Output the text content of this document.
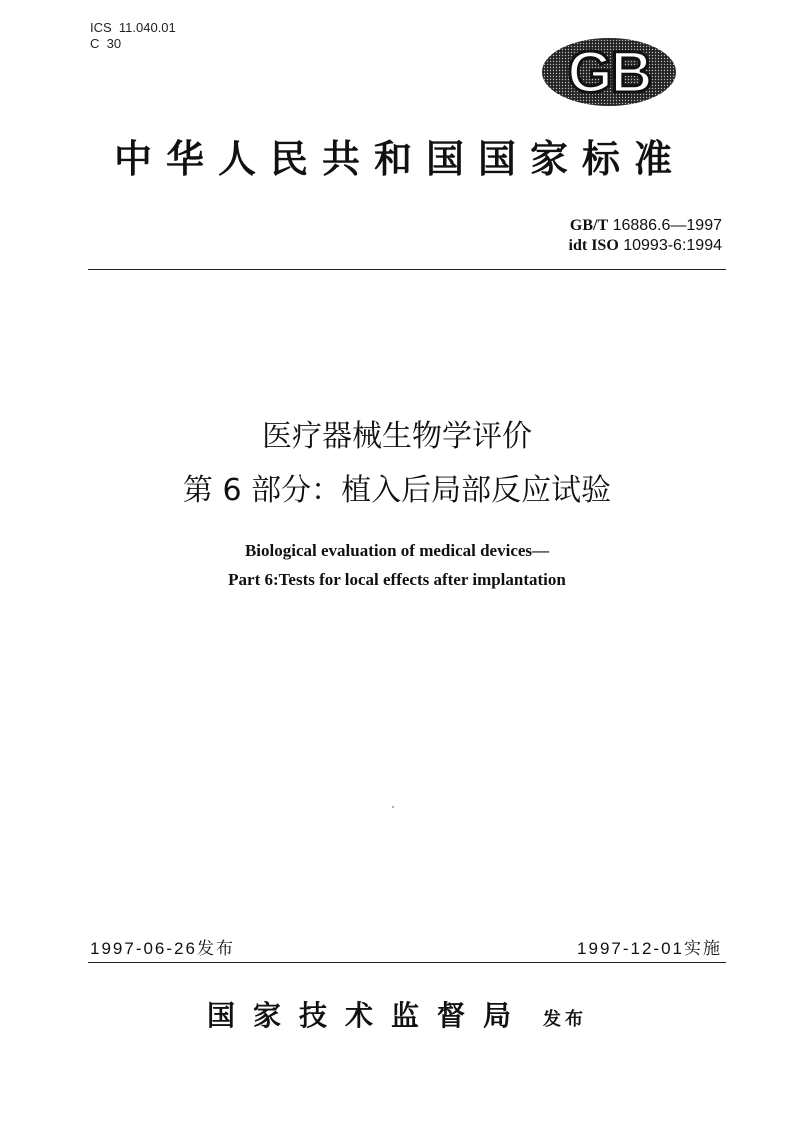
ICS  11.040.01
C  30	GB
中华人民共和国国家标准
GB/T 16886.6—1997
idt ISO 10993-6:1994
医疗器械生物学评价
第 6 部分：植入后局部反应试验
Biological evaluation of medical devices—
Part 6:Tests for local effects after implantation
1997-06-26发布	1997-12-01实施
国家技术监督局 发布
